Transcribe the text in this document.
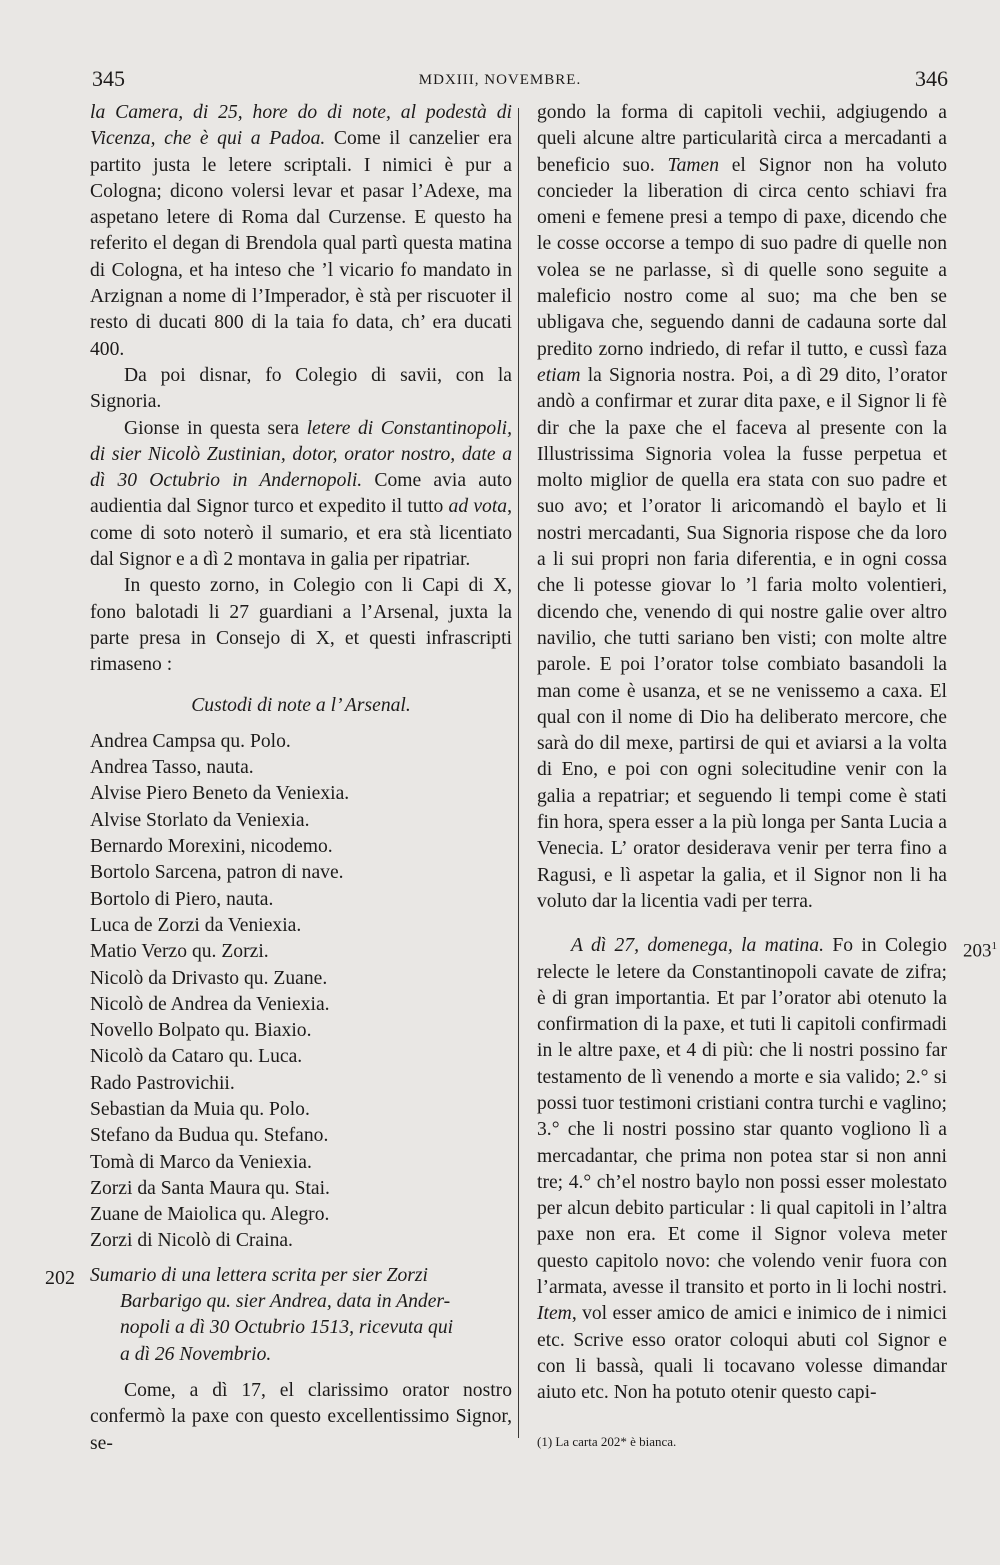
345	MDXIII, NOVEMBRE.	346

la Camera, di 25, hore do di note, al podestà di Vicenza, che è qui a Padoa. Come il canzelier era partito justa le letere scriptali. I nimici è pur a Cologna; dicono volersi levar et pasar l’Adexe, ma aspetano letere di Roma dal Curzense. E questo ha referito el degan di Brendola qual partì questa matina di Cologna, et ha inteso che ’l vicario fo mandato in Arzignan a nome di l’Imperador, è stà per riscuoter il resto di ducati 800 di la taia fo data, ch’ era ducati 400.

Da poi disnar, fo Colegio di savii, con la Signoria.

Gionse in questa sera letere di Constantinopoli, di sier Nicolò Zustinian, dotor, orator nostro, date a dì 30 Octubrio in Andernopoli. Come avia auto audientia dal Signor turco et expedito il tutto ad vota, come di soto noterò il sumario, et era stà licentiato dal Signor e a dì 2 montava in galia per ripatriar.

In questo zorno, in Colegio con li Capi di X, fono balotadi li 27 guardiani a l’Arsenal, juxta la parte presa in Consejo di X, et questi infrascripti rimaseno :

Custodi di note a l’ Arsenal.

Andrea Campsa qu. Polo.
Andrea Tasso, nauta.
Alvise Piero Beneto da Veniexia.
Alvise Storlato da Veniexia.
Bernardo Morexini, nicodemo.
Bortolo Sarcena, patron di nave.
Bortolo di Piero, nauta.
Luca de Zorzi da Veniexia.
Matio Verzo qu. Zorzi.
Nicolò da Drivasto qu. Zuane.
Nicolò de Andrea da Veniexia.
Novello Bolpato qu. Biaxio.
Nicolò da Cataro qu. Luca.
Rado Pastrovichii.
Sebastian da Muia qu. Polo.
Stefano da Budua qu. Stefano.
Tomà di Marco da Veniexia.
Zorzi da Santa Maura qu. Stai.
Zuane de Maiolica qu. Alegro.
Zorzi di Nicolò di Craina.
202 Sumario di una lettera scrita per sier Zorzi
Barbarigo qu. sier Andrea, data in Ander-
nopoli a dì 30 Octubrio 1513, ricevuta qui
a dì 26 Novembrio.

Come, a dì 17, el clarissimo orator nostro confermò la paxe con questo excellentissimo Signor, se-

gondo la forma di capitoli vechii, adgiugendo a queli alcune altre particularità circa a mercadanti a beneficio suo. Tamen el Signor non ha voluto concieder la liberation di circa cento schiavi fra omeni e femene presi a tempo di paxe, dicendo che le cosse occorse a tempo di suo padre di quelle non volea se ne parlasse, sì di quelle sono seguite a maleficio nostro come al suo; ma che ben se ubligava che, seguendo danni de cadauna sorte dal predito zorno indriedo, di refar il tutto, e cussì faza etiam la Signoria nostra. Poi, a dì 29 dito, l’orator andò a confirmar et zurar dita paxe, e il Signor li fè dir che la paxe che el faceva al presente con la Illustrissima Signoria volea la fusse perpetua et molto miglior de quella era stata con suo padre et suo avo; et l’orator li aricomandò el baylo et li nostri mercadanti, Sua Signoria rispose che da loro a li sui propri non faria diferentia, e in ogni cossa che li potesse giovar lo ’l faria molto volentieri, dicendo che, venendo di qui nostre galie over altro navilio, che tutti sariano ben visti; con molte altre parole. E poi l’orator tolse combiato basandoli la man come è usanza, et se ne venissemo a caxa. El qual con il nome di Dio ha deliberato mercore, che sarà do dil mexe, partirsi de qui et aviarsi a la volta di Eno, e poi con ogni solecitudine venir con la galia a repatriar; et seguendo li tempi come è stati fin hora, spera esser a la più longa per Santa Lucia a Venecia. L’ orator desiderava venir per terra fino a Ragusi, e lì aspetar la galia, et il Signor non li ha voluto dar la licentia vadi per terra.

$203^1$
A dì 27, domenega, la matina. Fo in Colegio relecte le letere da Constantinopoli cavate de zifra; è di gran importantia. Et par l’orator abi otenuto la confirmation di la paxe, et tuti li capitoli confirmadi in le altre paxe, et 4 di più: che li nostri possino far testamento de lì venendo a morte e sia valido; 2.° si possi tuor testimoni cristiani contra turchi e vaglino; 3.° che li nostri possino star quanto vogliono lì a mercadantar, che prima non potea star si non anni tre; 4.° ch’el nostro baylo non possi esser molestato per alcun debito particular : li qual capitoli in l’altra paxe non era. Et come il Signor voleva meter questo capitolo novo: che volendo venir fuora con l’armata, avesse il transito et porto in li lochi nostri. Item, vol esser amico de amici e inimico de i nimici etc. Scrive esso orator coloqui abuti col Signor e con li bassà, quali li tocavano volesse dimandar aiuto etc. Non ha potuto otenir questo capi-

(1) La carta 202* è bianca.
